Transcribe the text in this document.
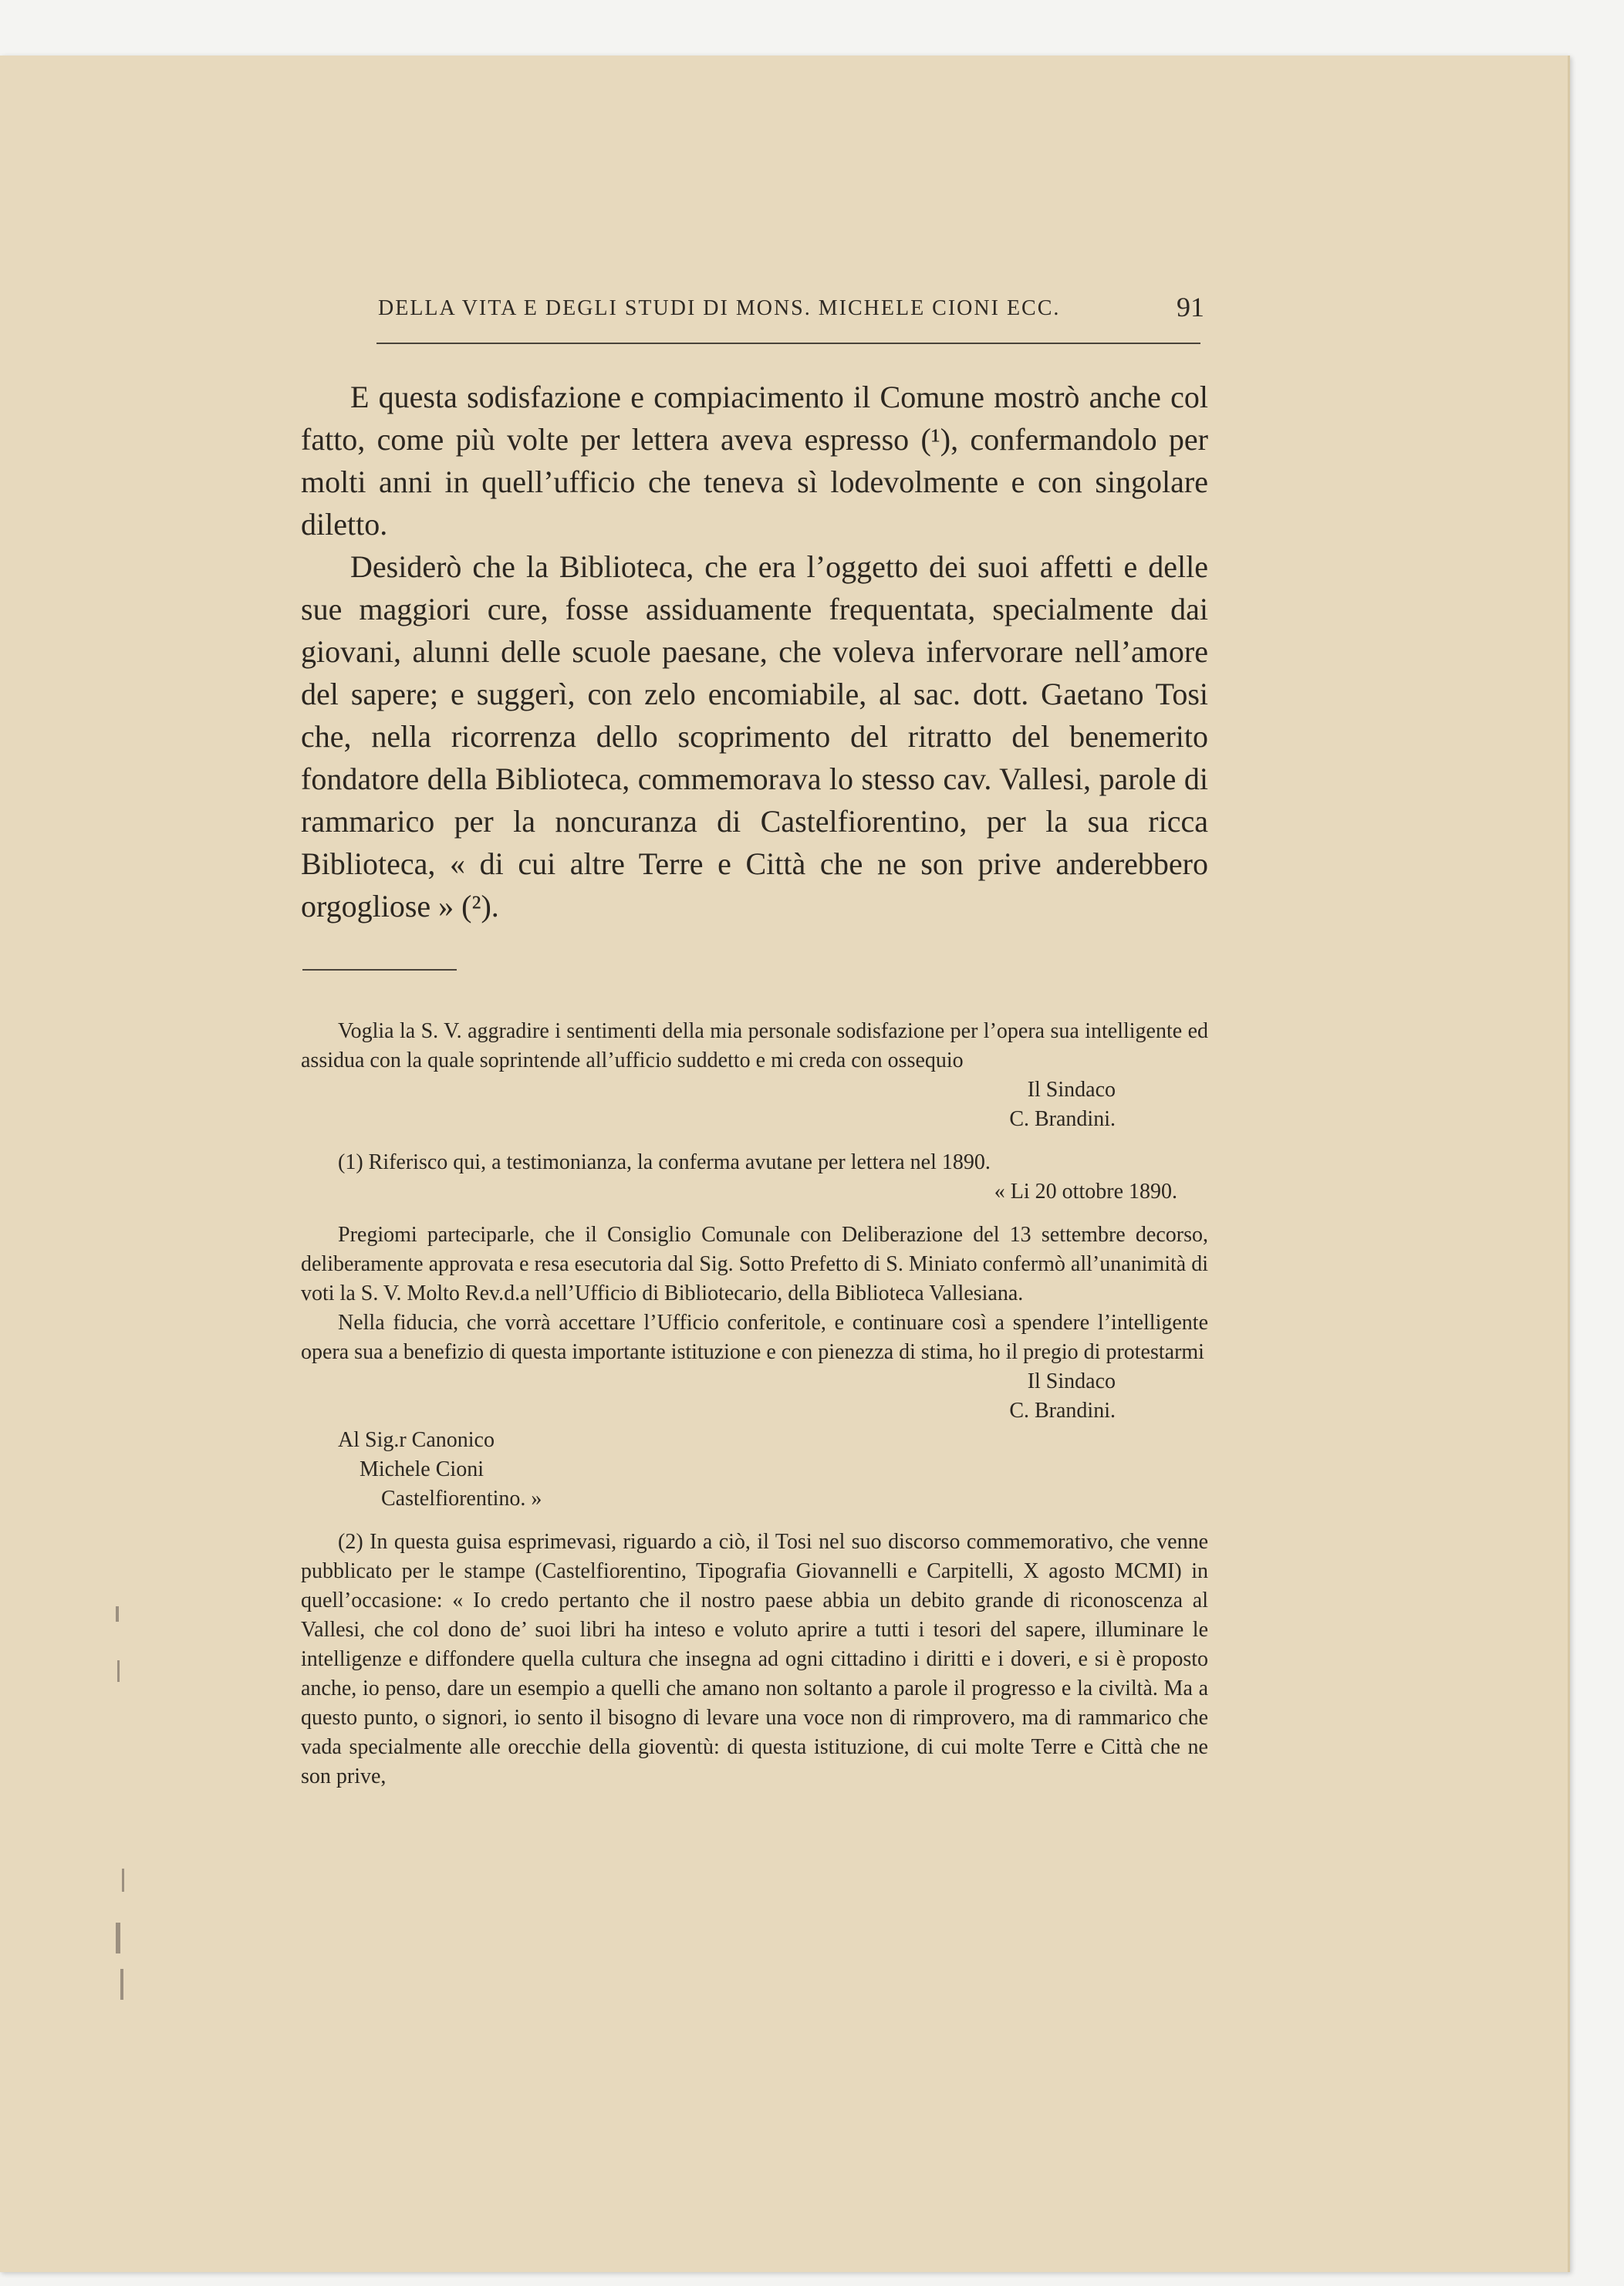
DELLA VITA E DEGLI STUDI DI MONS. MICHELE CIONI ECC.	91

E questa sodisfazione e compiacimento il Comune mostrò anche col fatto, come più volte per lettera aveva espresso (¹), confermandolo per molti anni in quell’ufficio che teneva sì lodevolmente e con singolare diletto.

Desiderò che la Biblioteca, che era l’oggetto dei suoi affetti e delle sue maggiori cure, fosse assiduamente frequentata, specialmente dai giovani, alunni delle scuole paesane, che voleva infervorare nell’amore del sapere; e suggerì, con zelo encomiabile, al sac. dott. Gaetano Tosi che, nella ricorrenza dello scoprimento del ritratto del benemerito fondatore della Biblioteca, commemorava lo stesso cav. Vallesi, parole di rammarico per la noncuranza di Castelfiorentino, per la sua ricca Biblioteca, « di cui altre Terre e Città che ne son prive anderebbero orgogliose » (²).

Voglia la S. V. aggradire i sentimenti della mia personale sodisfazione per l’opera sua intelligente ed assidua con la quale soprintende all’ufficio suddetto e mi creda con ossequio

Il Sindaco
C. Brandini.

(1) Riferisco qui, a testimonianza, la conferma avutane per lettera nel 1890.

« Li 20 ottobre 1890.

Pregiomi parteciparle, che il Consiglio Comunale con Deliberazione del 13 settembre decorso, deliberamente approvata e resa esecutoria dal Sig. Sotto Prefetto di S. Miniato confermò all’unanimità di voti la S. V. Molto Rev.d.a nell’Ufficio di Bibliotecario, della Biblioteca Vallesiana.

Nella fiducia, che vorrà accettare l’Ufficio conferitole, e continuare così a spendere l’intelligente opera sua a benefizio di questa importante istituzione e con pienezza di stima, ho il pregio di protestarmi

Il Sindaco
C. Brandini.

Al Sig.r Canonico
Michele Cioni
Castelfiorentino. »

(2) In questa guisa esprimevasi, riguardo a ciò, il Tosi nel suo discorso commemorativo, che venne pubblicato per le stampe (Castelfiorentino, Tipografia Giovannelli e Carpitelli, X agosto MCMI) in quell’occasione: « Io credo pertanto che il nostro paese abbia un debito grande di riconoscenza al Vallesi, che col dono de’ suoi libri ha inteso e voluto aprire a tutti i tesori del sapere, illuminare le intelligenze e diffondere quella cultura che insegna ad ogni cittadino i diritti e i doveri, e si è proposto anche, io penso, dare un esempio a quelli che amano non soltanto a parole il progresso e la civiltà. Ma a questo punto, o signori, io sento il bisogno di levare una voce non di rimprovero, ma di rammarico che vada specialmente alle orecchie della gioventù: di questa istituzione, di cui molte Terre e Città che ne son prive,
